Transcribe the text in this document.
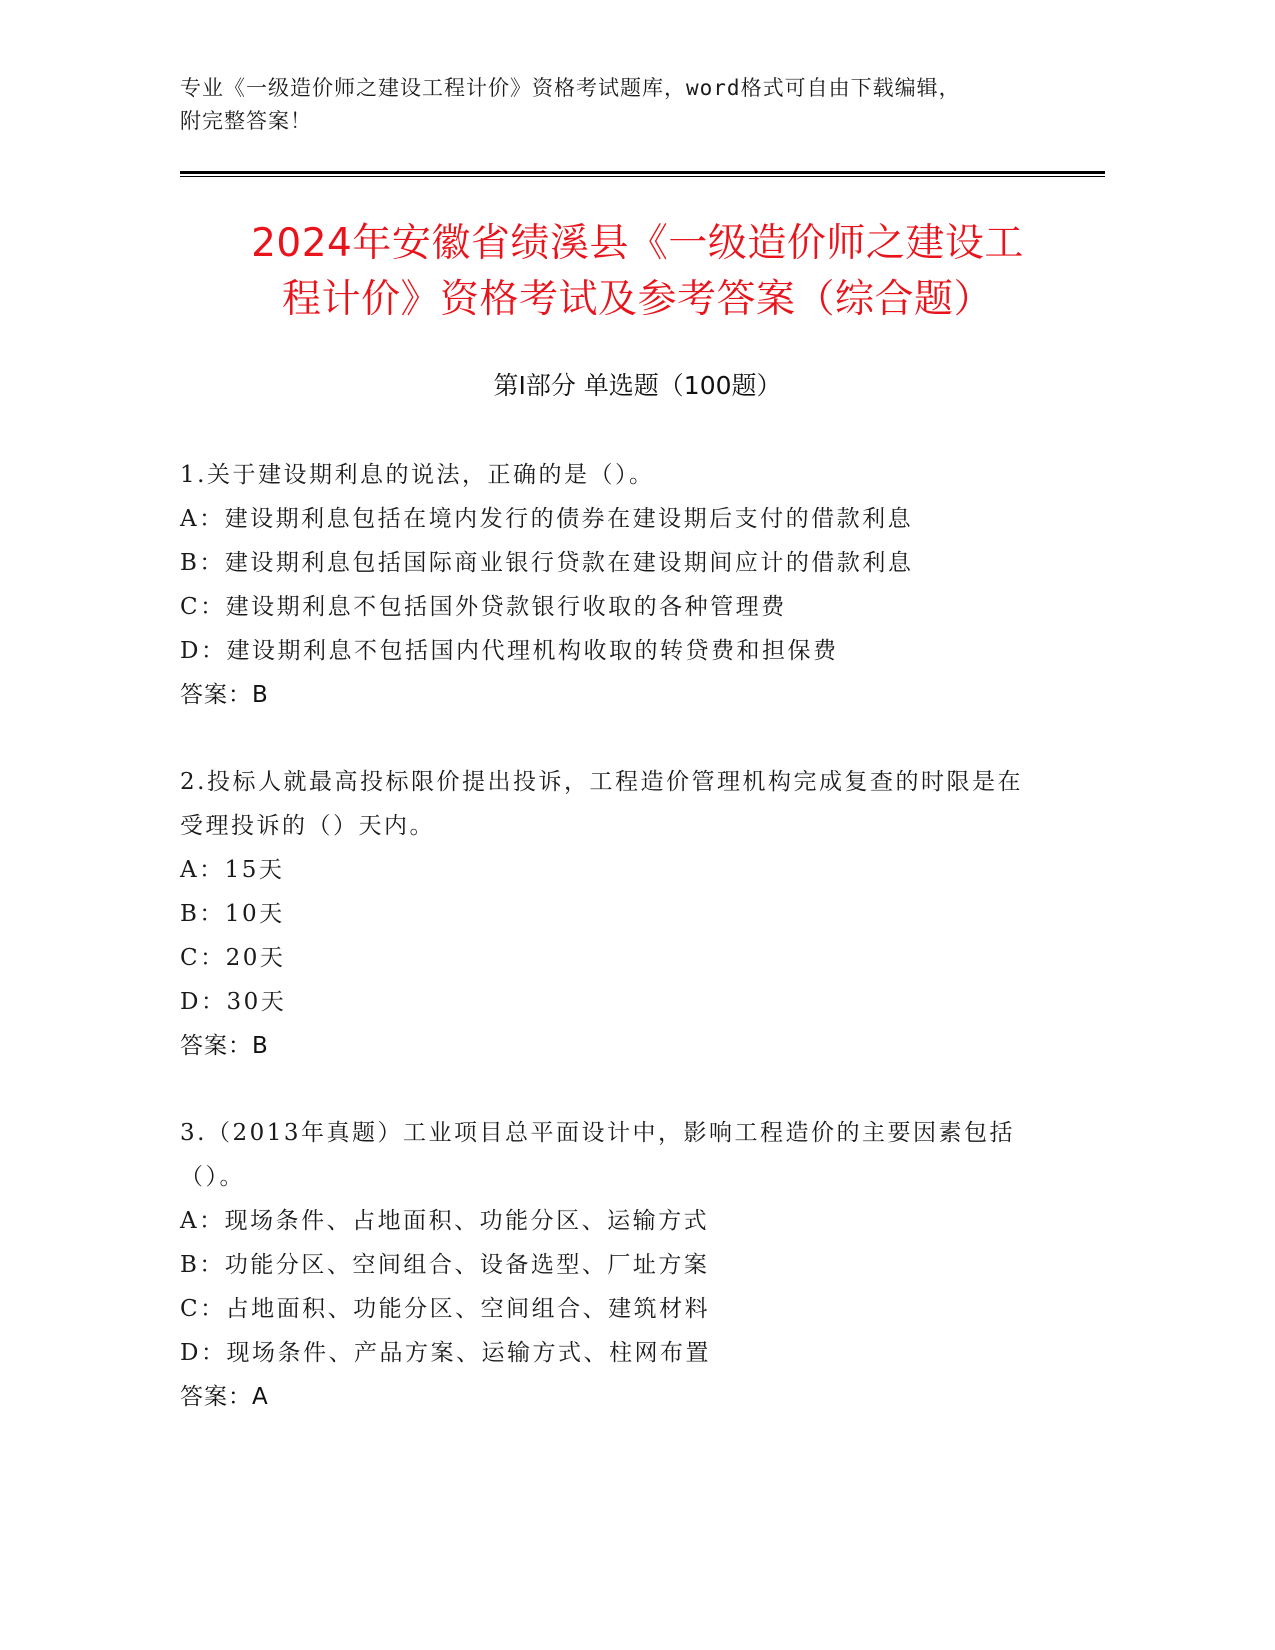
专业《一级造价师之建设工程计价》资格考试题库，word格式可自由下载编辑，
附完整答案！
2024年安徽省绩溪县《一级造价师之建设工
程计价》资格考试及参考答案（综合题）
第Ⅰ部分 单选题（100题）
1.关于建设期利息的说法，正确的是（）。
A：建设期利息包括在境内发行的债券在建设期后支付的借款利息
B：建设期利息包括国际商业银行贷款在建设期间应计的借款利息
C：建设期利息不包括国外贷款银行收取的各种管理费
D：建设期利息不包括国内代理机构收取的转贷费和担保费
答案：B
2.投标人就最高投标限价提出投诉，工程造价管理机构完成复查的时限是在受理投诉的（）天内。
A：15天
B：10天
C：20天
D：30天
答案：B
3.（2013年真题）工业项目总平面设计中，影响工程造价的主要因素包括（）。
A：现场条件、占地面积、功能分区、运输方式
B：功能分区、空间组合、设备选型、厂址方案
C：占地面积、功能分区、空间组合、建筑材料
D：现场条件、产品方案、运输方式、柱网布置
答案：A
